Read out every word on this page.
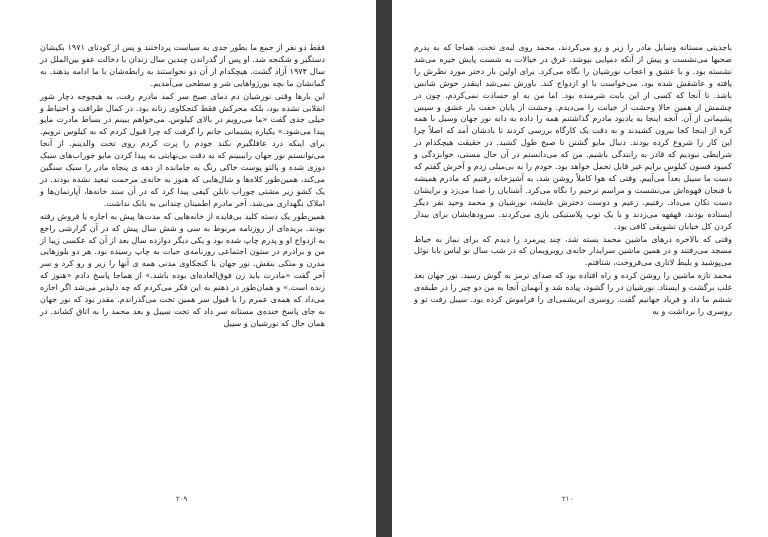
فقط دو نفر از جمع ما بطور جدی به سیاست پرداختند و پس از کودتای ۱۹۷۱ بکیشان دستگیر و شکنجه شد. او پس از گذراندن چندین سال زندان با دخالت عفو بین‌الملل در سال ۱۹۷۴ آزاد گشت. هیچکدام از آن دو نخواستند به رابطه‌شان با ما ادامه بدهند. به گمانشان ما بچه بورژواهایی شر و سطحی می‌آمدیم.

این بارها وقتی نورشیان دم دمای صبح سر کمد مادرم رفت، به هیچوجه دچار شور انقلابی نشده بود، بلکه محرکش فقط کنجکاوی زنانه بود. در کمال ظرافت و احتیاط و خیلی جدی گفت «ما می‌رویم در بالای کیلوس. می‌خواهم ببینم در بساط مادرت مایو پیدا می‌شود.» یکباره پشیمانی جانم را گرفت که چرا قبول کردم که به کیلوس نرویم. برای اینکه درد غافلگیرم نکند خودم را پرت کردم روی تخت والدینم. از آنجا می‌توانستم نور جهان رابببینم که به دقت بی‌نهایتی به پیدا کردن مایو جوراب‌های سبک دوزی شده و پالتو پوست خاکی رنگ به جامانده از دهه ی پنجاه مادر را سبک سنگین می‌کند، همین‌طور کلاه‌ها و شال‌هایی که هنوز به خانه‌ی مرحمت تبعید نشده بودند. در یک کشو زیر مشتی جوراب نایلن کیفی پیدا کرد که در آن سند خانه‌ها، آپارتمان‌ها و املاک نگهداری می‌شد. آخر مادرم اطمینان چندانی به بانک نداشت.

همین‌طور یک دسته کلید بی‌فایده از خانه‌هایی که مدت‌ها پیش به اجاره یا فروش رفته بودند. بریده‌ای از روزنامه مربوط به سی و شش سال پیش که در آن گزارشی راجع به ازدواج او و پدرم چاپ شده بود و یکی دیگر دوازده سال بعد از آن که عکسی زیبا از من و برادرم در ستون اجتماعی روزنامه‌ی حیات به چاپ رسیده بود. هر دو بلوزهایی مدرن و متکی بنفش. نور جهان با کنجکاوی مدنی همه ی آنها را زیر و رو کرد و سر آخر گفت «مادرت باید زن فوق‌العاده‌ای بوده باشد.» از هماجا پاسخ دادم «هنوز که زنده است.» و همان‌طور در ذهنم به این فکر می‌کردم که چه دلپذیر می‌شد اگر اجازه می‌داد که همه‌ی عمرم را با قبول سر همین تخت می‌گذراندم. مقدر بود که نور جهان به جای پاسخ خنده‌ی مستانه سر داد که تحت سیبل و بعد محمد را به اتاق کشاند. در همان حال که نورشیان و سیبل

۲۰۹

باجدیتی مستانه وسایل مادر را زیر و رو می‌کردند، محمد روی لبه‌ی تخت، هماجا که به پدرم صحبها می‌نشست و پیش از آنکه دمپایی بپوشد، غرق در خیالات به شست پایش خیره می‌شد نشسته بود. و با عشق و اعجاب نورشیان را نگاه می‌کرد. برای اولین بار دختر مورد نظرش را یافته و عاشقش شده بود. می‌خواست با او ازدواج کند. باورش نمی‌شد اینقدر خوش شانس باشد. تا آنجا که کسی از این بابت شرمنده بود. اما من به او حسادت نمی‌کردم، چون در چشمش از همین حالا وحشت از خیانت را می‌دیدم. وحشت از پایان خفت بار عشق و سپس پشیمانی از آن. آنجه اینجا به یادبود مادرم گذاشتنم همه را داده به دانه نور جهان وسیل با همه کره از اینجا کجا بیرون کشیدند و به دقت یک کارگاه بررسی کردند تا بادشان آمد که اصلاً چرا این کار را شروع کرده بودند. دنبال مایو گشتن تا صبح طول کشید. در حقیقت هیچکدام در شرایطی نبودیم که قادر به رانندگی باشیم. من که می‌دانستم در آن حال مستی، خوابزدگی و کمبود فسون کیلوس برایم غیر قابل تحمل خواهد بود. خودم را به بی‌میلی زدم و آخرش گفتم که دست ما سیبل بعداً می‌آییم. وقتی که هوا کاملاً روشن شد، به آشپزخانه رفتیم که مادرم همیشه با فنجان قهوه‌اش می‌نشست و مراسم ترحیم را نگاه می‌کرد. آشنایان را صدا می‌زد و برایشان دست تکان می‌داد. رفتیم. زعیم و دوست دخترش عایشه، نورشیان و محمد وحید نفر دیگر ایستاده بودند، قهقهه می‌زدند و با یک توپ پلاستیکی بازی می‌کردند. سرودهایشان برای بیدار کردن کل خیابان تشویقی کافی بود.

وقتی که بالاخره درهای ماشین محمد بسته شد، چند پیرمرد را دیدم که برای نماز به خیاط مسجد می‌رفتند و در همین ماشین سرایدار خانه‌ی روبرویمان که در شب سال نو لباس بابا نوئل می‌پوشید و بلیط لاتاری می‌فروخت، شتافتم.

محمد تازه ماشین را روشن کرده و راه افتاده بود که صدای ترمز به گوش رسید. نور جهان بعد غلب برگشت و ایستاد. نورشیان در را گشود، پیاده شد و آنهمان آنجا به من دو چیز را در طبقه‌ی ششم ما داد و فریاد جهانیم گفت. روسری ابریشمی‌ای را فراموش کرده بود. سیبل رفت تو و روسری را برداشت و به

۲۱۰
